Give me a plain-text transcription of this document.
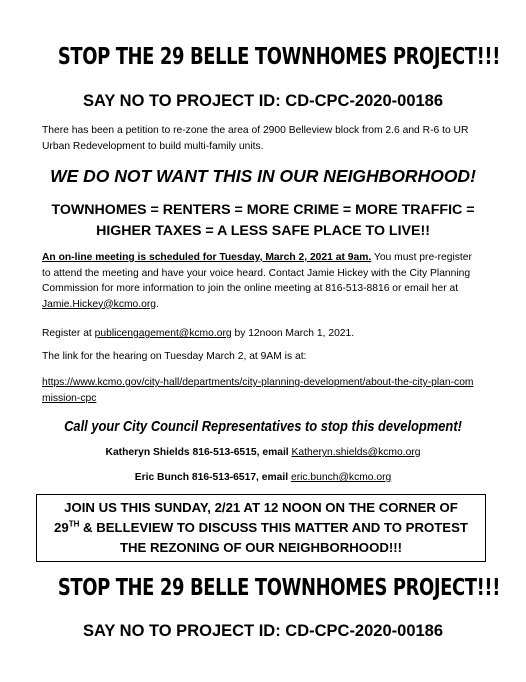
STOP THE 29 BELLE TOWNHOMES PROJECT!!!
SAY NO TO PROJECT ID: CD-CPC-2020-00186
There has been a petition to re-zone the area of 2900 Belleview block from 2.6 and R-6 to UR Urban Redevelopment to build multi-family units.
WE DO NOT WANT THIS IN OUR NEIGHBORHOOD!
TOWNHOMES = RENTERS = MORE CRIME = MORE TRAFFIC =
HIGHER TAXES = A LESS SAFE PLACE TO LIVE!!
An on-line meeting is scheduled for Tuesday, March 2, 2021 at 9am. You must pre-register to attend the meeting and have your voice heard. Contact Jamie Hickey with the City Planning Commission for more information to join the online meeting at 816-513-8816 or email her at Jamie.Hickey@kcmo.org.
Register at publicengagement@kcmo.org by 12noon March 1, 2021.
The link for the hearing on Tuesday March 2, at 9AM is at:
https://www.kcmo.gov/city-hall/departments/city-planning-development/about-the-city-plan-commission-cpc
Call your City Council Representatives to stop this development!
Katheryn Shields 816-513-6515, email Katheryn.shields@kcmo.org
Eric Bunch 816-513-6517, email eric.bunch@kcmo.org
JOIN US THIS SUNDAY, 2/21 AT 12 NOON ON THE CORNER OF
29TH & BELLEVIEW TO DISCUSS THIS MATTER AND TO PROTEST
THE REZONING OF OUR NEIGHBORHOOD!!!
STOP THE 29 BELLE TOWNHOMES PROJECT!!!
SAY NO TO PROJECT ID: CD-CPC-2020-00186
